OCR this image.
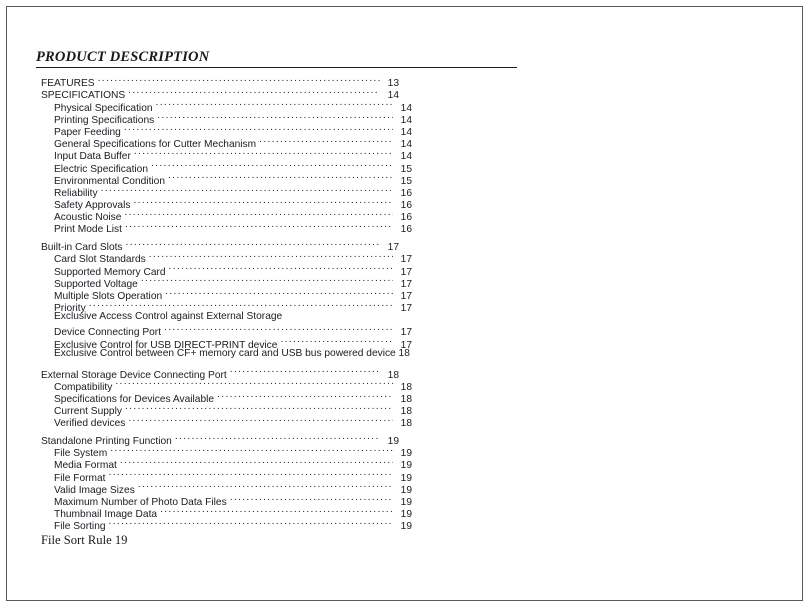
PRODUCT DESCRIPTION
FEATURES .....	13
SPECIFICATIONS .....	14
Physical Specification .....	14
Printing Specifications .....	14
Paper Feeding .....	14
General Specifications for Cutter Mechanism .....	14
Input Data Buffer .....	14
Electric Specification .....	15
Environmental Condition .....	15
Reliability .....	16
Safety Approvals .....	16
Acoustic Noise .....	16
Print Mode List .....	16
Built-in Card Slots .....	17
Card Slot Standards .....	17
Supported Memory Card .....	17
Supported Voltage .....	17
Multiple Slots Operation .....	17
Priority .....	17
Exclusive Access Control against External Storage
Device Connecting Port .....	17
Exclusive Control for USB DIRECT-PRINT device .....	17
Exclusive Control between CF+ memory card and USB bus powered device 18
External Storage Device Connecting Port .....	18
Compatibility .....	18
Specifications for Devices Available .....	18
Current Supply .....	18
Verified devices .....	18
Standalone Printing Function .....	19
File System .....	19
Media Format .....	19
File Format .....	19
Valid Image Sizes .....	19
Maximum Number of Photo Data Files .....	19
Thumbnail Image Data .....	19
File Sorting .....	19
File Sort Rule 19
